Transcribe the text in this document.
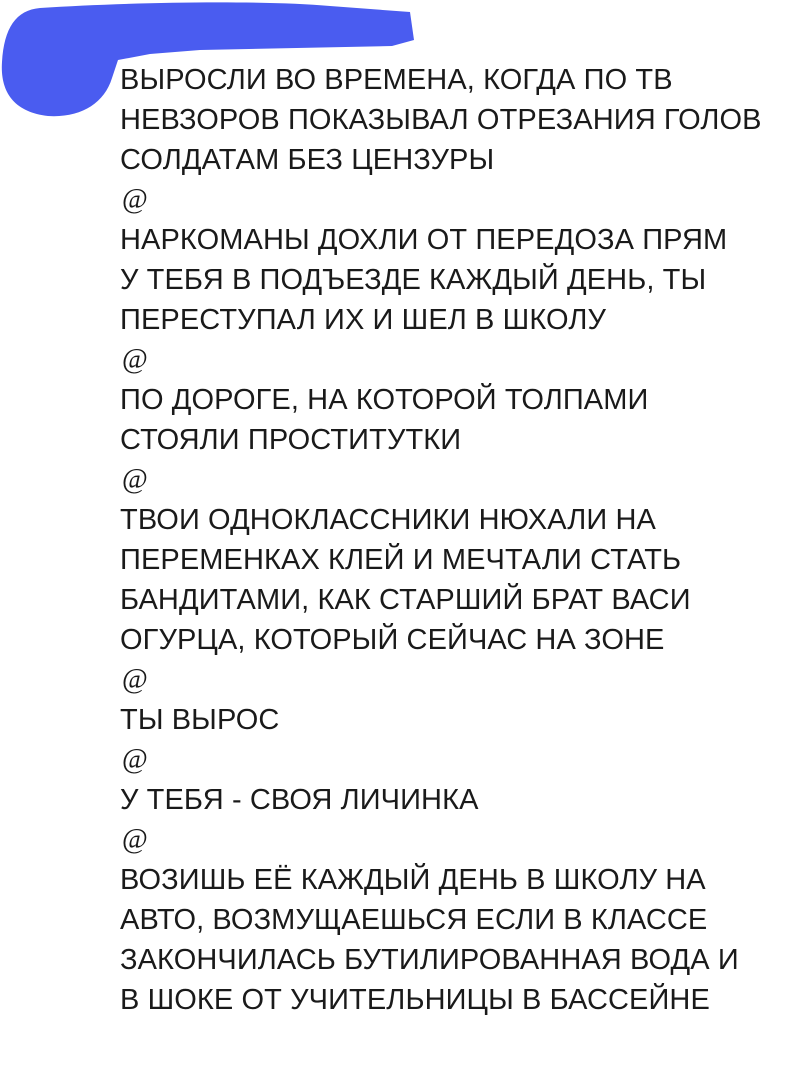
ВЫРОСЛИ ВО ВРЕМЕНА, КОГДА ПО ТВ
НЕВЗОРОВ ПОКАЗЫВАЛ ОТРЕЗАНИЯ ГОЛОВ
СОЛДАТАМ БЕЗ ЦЕНЗУРЫ
@
НАРКОМАНЫ ДОХЛИ ОТ ПЕРЕДОЗА ПРЯМ
У ТЕБЯ В ПОДЪЕЗДЕ КАЖДЫЙ ДЕНЬ, ТЫ
ПЕРЕСТУПАЛ ИХ И ШЕЛ В ШКОЛУ
@
ПО ДОРОГЕ, НА КОТОРОЙ ТОЛПАМИ
СТОЯЛИ ПРОСТИТУТКИ
@
ТВОИ ОДНОКЛАССНИКИ НЮХАЛИ НА
ПЕРЕМЕНКАХ КЛЕЙ И МЕЧТАЛИ СТАТЬ
БАНДИТАМИ, КАК СТАРШИЙ БРАТ ВАСИ
ОГУРЦА, КОТОРЫЙ СЕЙЧАС НА ЗОНЕ
@
ТЫ ВЫРОС
@
У ТЕБЯ - СВОЯ ЛИЧИНКА
@
ВОЗИШЬ ЕЁ КАЖДЫЙ ДЕНЬ В ШКОЛУ НА
АВТО, ВОЗМУЩАЕШЬСЯ ЕСЛИ В КЛАССЕ
ЗАКОНЧИЛАСЬ БУТИЛИРОВАННАЯ ВОДА И
В ШОКЕ ОТ УЧИТЕЛЬНИЦЫ В БАССЕЙНЕ
